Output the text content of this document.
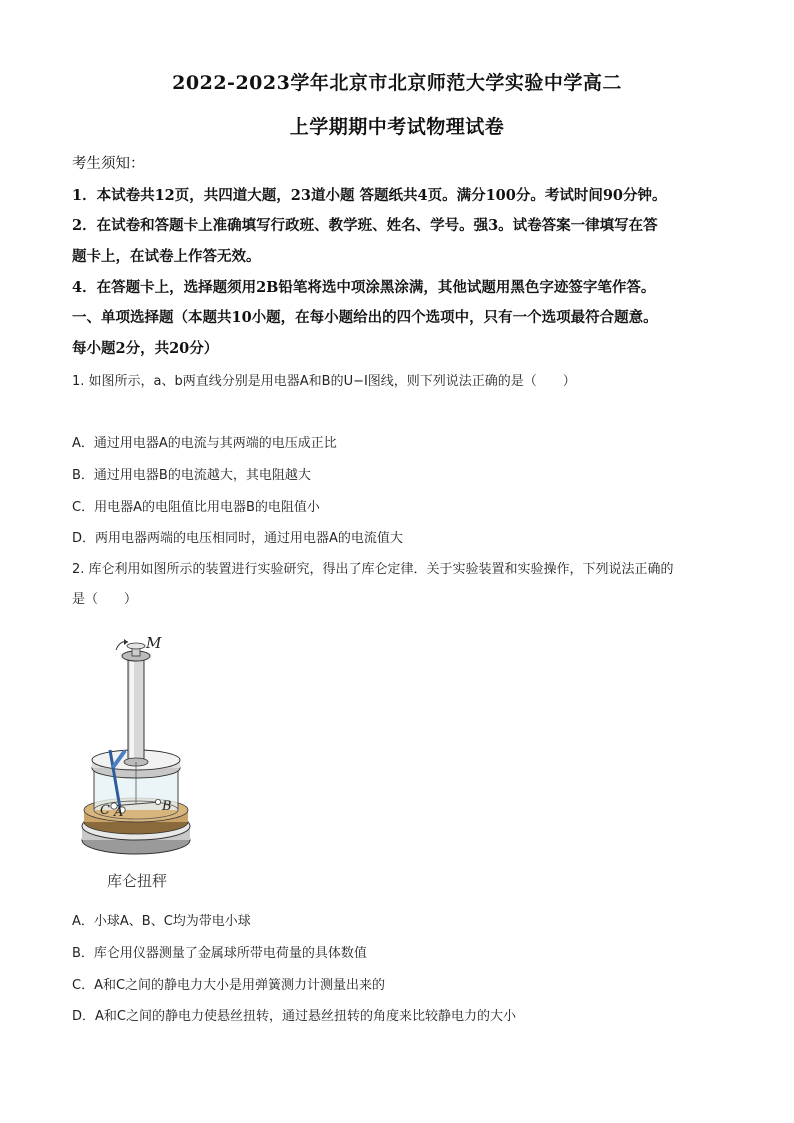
2022-2023学年北京市北京师范大学实验中学高二
上学期期中考试物理试卷
考生须知：
1．本试卷共12页，共四道大题，23道小题 答题纸共4页。满分100分。考试时间90分钟。
2．在试卷和答题卡上准确填写行政班、教学班、姓名、学号。强3。试卷答案一律填写在答
题卡上，在试卷上作答无效。
4．在答题卡上，选择题须用2B铅笔将选中项涂黑涂满，其他试题用黑色字迹签字笔作答。
一、单项选择题（本题共10小题，在每小题给出的四个选项中，只有一个选项最符合题意。
每小题2分，共20分）
1. 如图所示，a、b两直线分别是用电器A和B的U−I图线，则下列说法正确的是（　　）
A．通过用电器A的电流与其两端的电压成正比
B．通过用电器B的电流越大，其电阻越大
C．用电器A的电阻值比用电器B的电阻值小
D．两用电器两端的电压相同时，通过用电器A的电流值大
2. 库仑利用如图所示的装置进行实验研究，得出了库仑定律．关于实验装置和实验操作，下列说法正确的
是（　　）
M
A	B
C
库仑扭秤
A．小球A、B、C均为带电小球
B．库仑用仪器测量了金属球所带电荷量的具体数值
C．A和C之间的静电力大小是用弹簧测力计测量出来的
D．A和C之间的静电力使悬丝扭转，通过悬丝扭转的角度来比较静电力的大小
